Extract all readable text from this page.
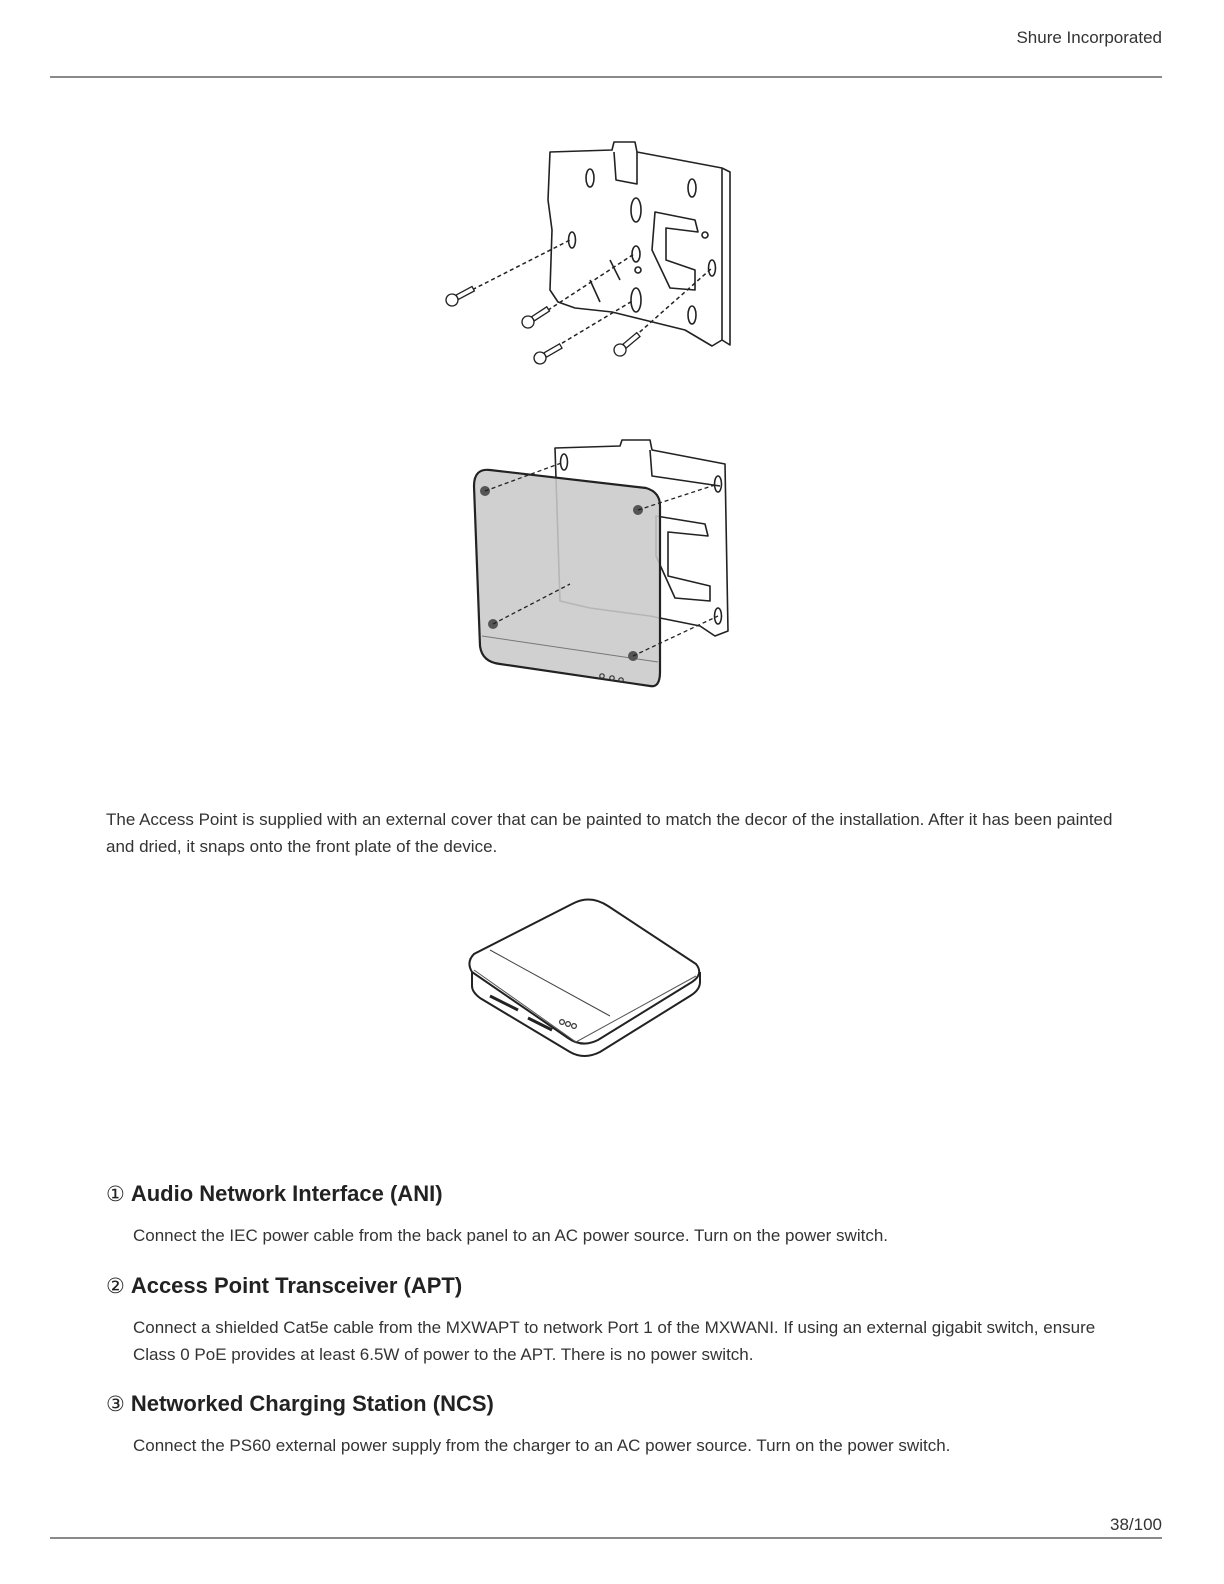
Shure Incorporated

The Access Point is supplied with an external cover that can be painted to match the decor of the installation. After it has been painted and dried, it snaps onto the front plate of the device.

① Audio Network Interface (ANI)

Connect the IEC power cable from the back panel to an AC power source. Turn on the power switch.

② Access Point Transceiver (APT)

Connect a shielded Cat5e cable from the MXWAPT to network Port 1 of the MXWANI. If using an external gigabit switch, ensure Class 0 PoE provides at least 6.5W of power to the APT. There is no power switch.

③ Networked Charging Station (NCS)

Connect the PS60 external power supply from the charger to an AC power source. Turn on the power switch.

38/100
